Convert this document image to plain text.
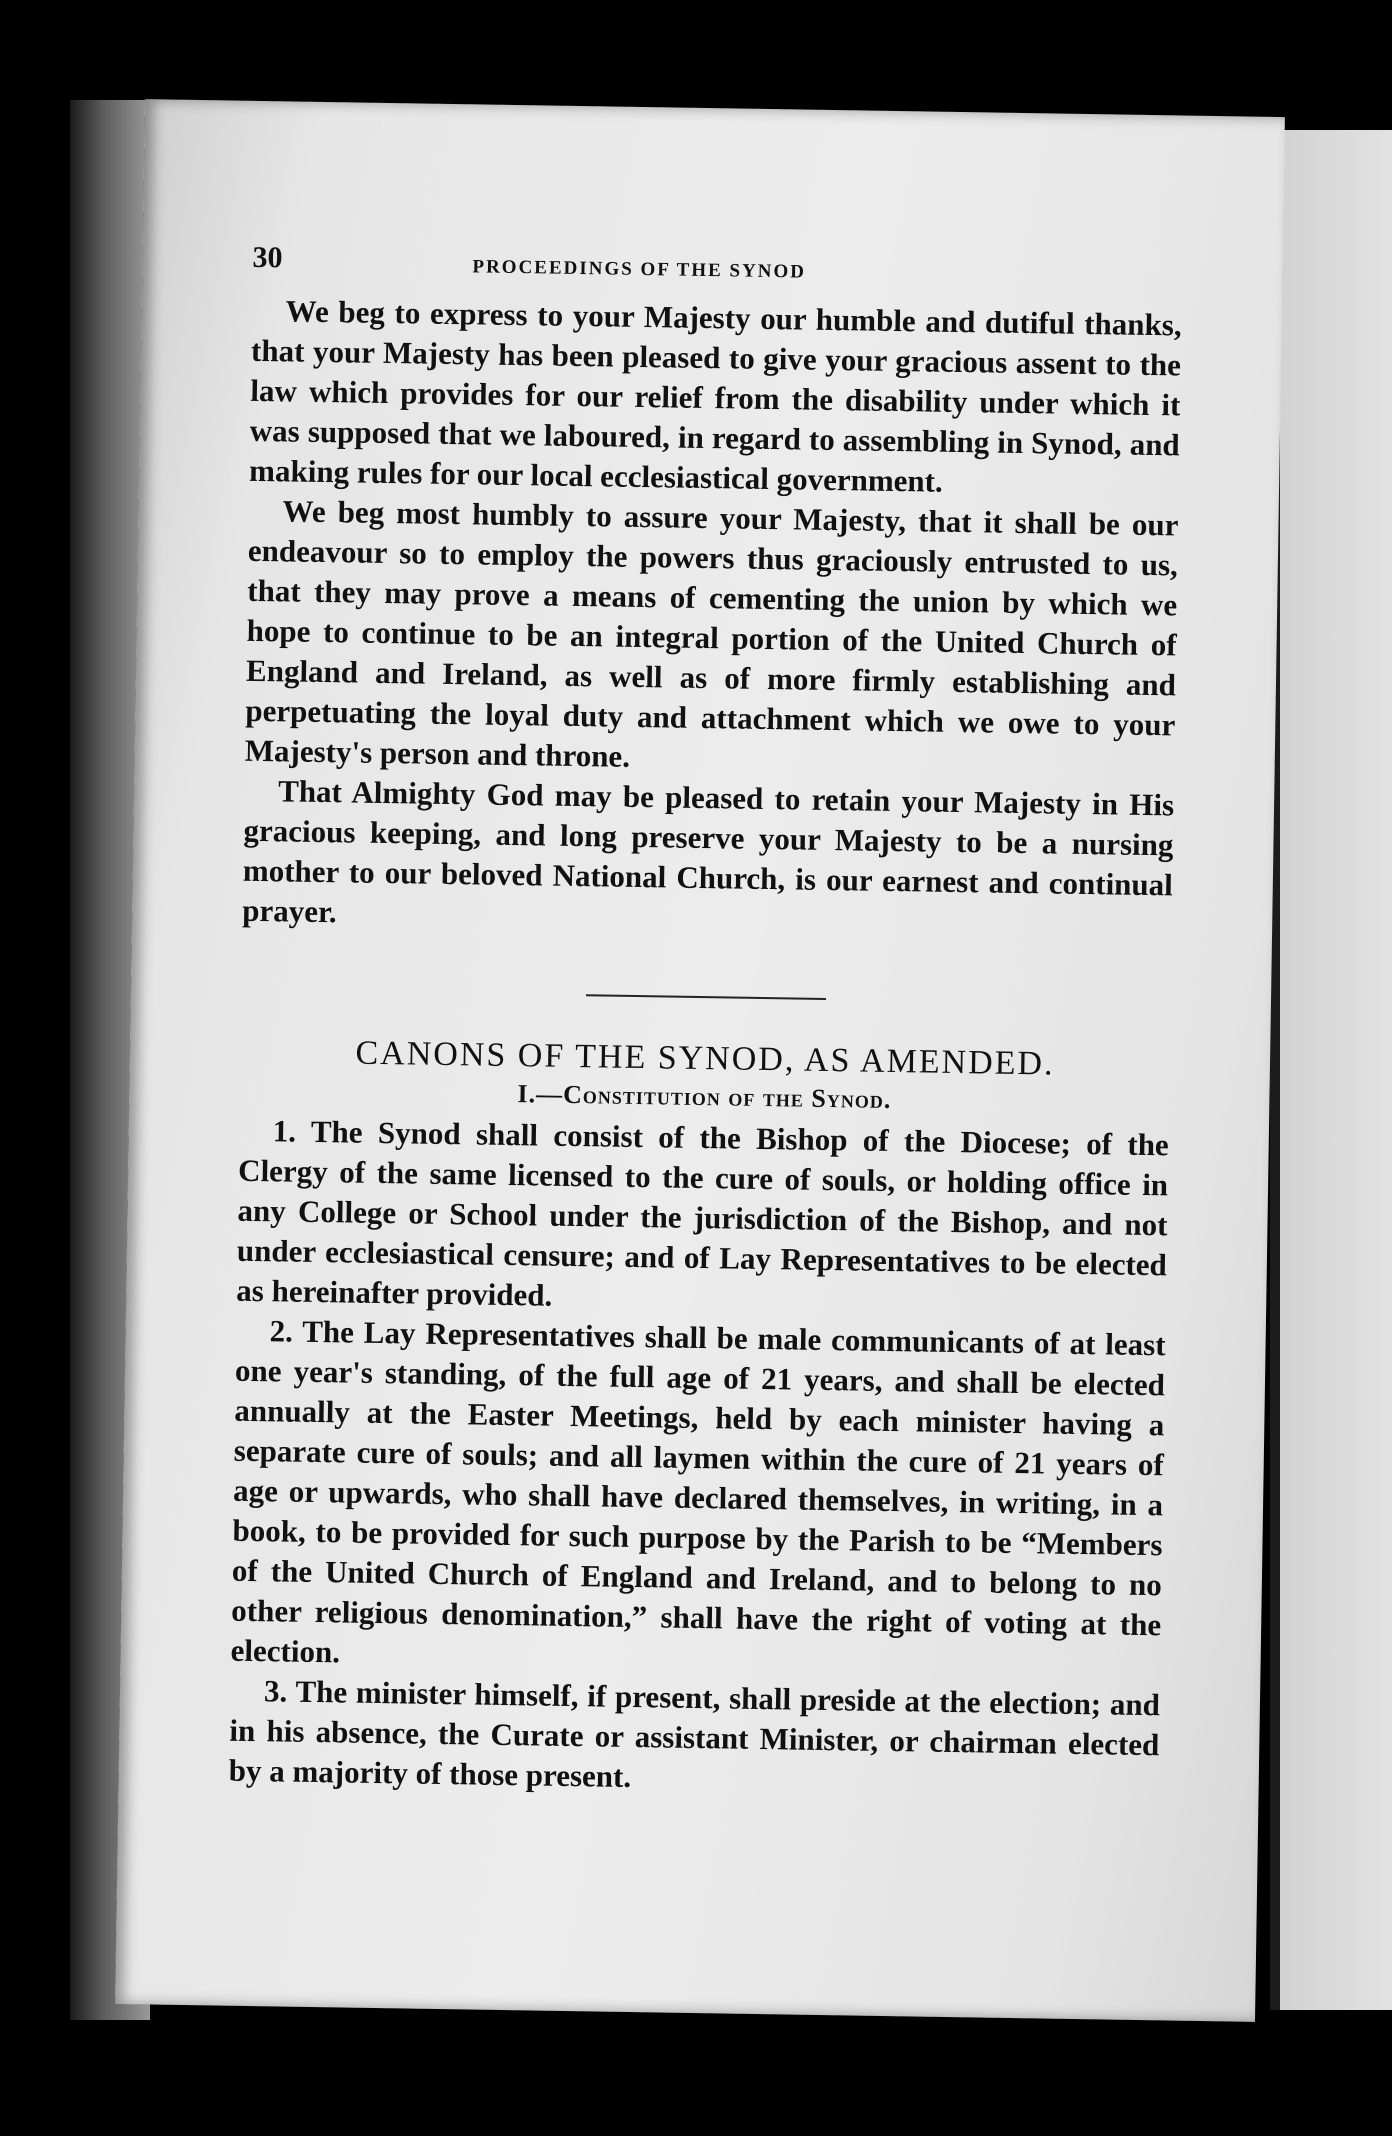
30	PROCEEDINGS OF THE SYNOD

We beg to express to your Majesty our humble and dutiful thanks, that your Majesty has been pleased to give your gracious assent to the law which provides for our relief from the disability under which it was supposed that we laboured, in regard to assembling in Synod, and making rules for our local ecclesiastical government.

We beg most humbly to assure your Majesty, that it shall be our endeavour so to employ the powers thus graciously entrusted to us, that they may prove a means of cementing the union by which we hope to continue to be an integral portion of the United Church of England and Ireland, as well as of more firmly establishing and perpetuating the loyal duty and attachment which we owe to your Majesty's person and throne.

That Almighty God may be pleased to retain your Majesty in His gracious keeping, and long preserve your Majesty to be a nursing mother to our beloved National Church, is our earnest and continual prayer.

CANONS OF THE SYNOD, AS AMENDED.
I.—Constitution of the Synod.

1. The Synod shall consist of the Bishop of the Diocese; of the Clergy of the same licensed to the cure of souls, or holding office in any College or School under the jurisdiction of the Bishop, and not under ecclesiastical censure; and of Lay Representatives to be elected as hereinafter provided.

2. The Lay Representatives shall be male communicants of at least one year's standing, of the full age of 21 years, and shall be elected annually at the Easter Meetings, held by each minister having a separate cure of souls; and all laymen within the cure of 21 years of age or upwards, who shall have declared themselves, in writing, in a book, to be provided for such purpose by the Parish to be “Members of the United Church of England and Ireland, and to belong to no other religious denomination,” shall have the right of voting at the election.

3. The minister himself, if present, shall preside at the election; and in his absence, the Curate or assistant Minister, or chairman elected by a majority of those present.
